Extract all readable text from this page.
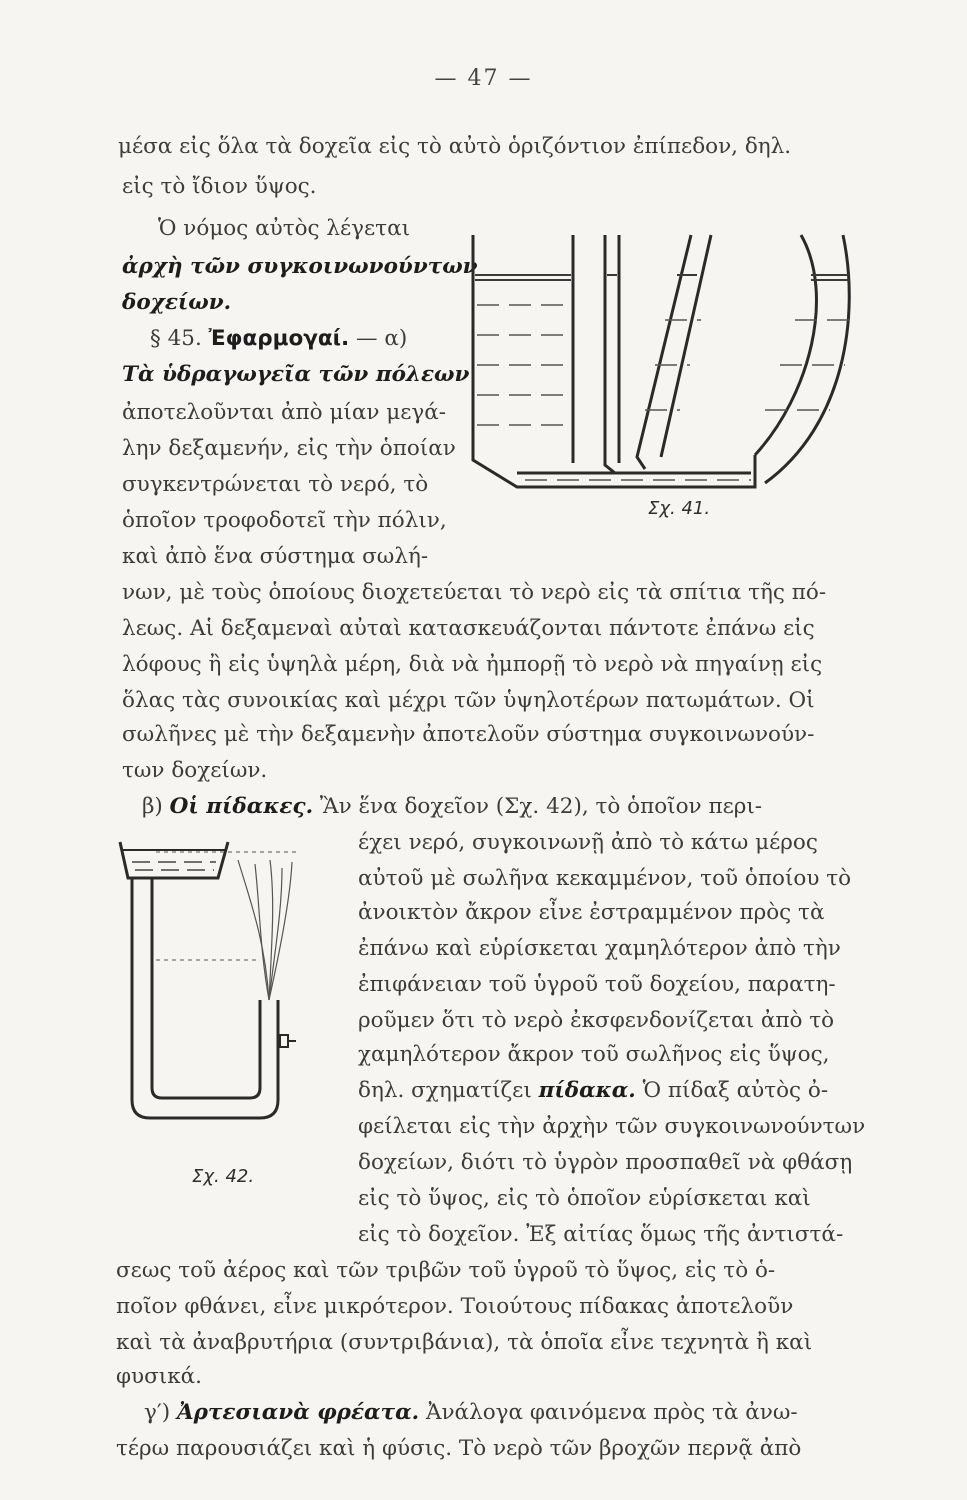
— 47 —
μέσα εἰς ὅλα τὰ δοχεῖα εἰς τὸ αὐτὸ ὁριζόντιον ἐπίπεδον, δηλ.
εἰς τὸ ἴδιον ὕψος.
Ὁ νόμος αὐτὸς λέγεται
ἀρχὴ τῶν συγκοινωνούντων
δοχείων.
§ 45. Ἐφαρμογαί. — α)
Τὰ ὑδραγωγεῖα τῶν πόλεων
ἀποτελοῦνται ἀπὸ μίαν μεγά-
λην δεξαμενήν, εἰς τὴν ὁποίαν
συγκεντρώνεται τὸ νερό, τὸ
ὁποῖον τροφοδοτεῖ τὴν πόλιν,
καὶ ἀπὸ ἕνα σύστημα σωλή-
νων, μὲ τοὺς ὁποίους διοχετεύεται τὸ νερὸ εἰς τὰ σπίτια τῆς πό-
λεως. Αἱ δεξαμεναὶ αὐταὶ κατασκευάζονται πάντοτε ἐπάνω εἰς
λόφους ἢ εἰς ὑψηλὰ μέρη, διὰ νὰ ἠμπορῇ τὸ νερὸ νὰ πηγαίνῃ εἰς
ὅλας τὰς συνοικίας καὶ μέχρι τῶν ὑψηλοτέρων πατωμάτων. Οἱ
σωλῆνες μὲ τὴν δεξαμενὴν ἀποτελοῦν σύστημα συγκοινωνούν-
των δοχείων.
β) Οἱ πίδακες. Ἂν ἕνα δοχεῖον (Σχ. 42), τὸ ὁποῖον περι-
έχει νερό, συγκοινωνῇ ἀπὸ τὸ κάτω μέρος
αὐτοῦ μὲ σωλῆνα κεκαμμένον, τοῦ ὁποίου τὸ
ἀνοικτὸν ἄκρον εἶνε ἐστραμμένον πρὸς τὰ
ἐπάνω καὶ εὑρίσκεται χαμηλότερον ἀπὸ τὴν
ἐπιφάνειαν τοῦ ὑγροῦ τοῦ δοχείου, παρατη-
ροῦμεν ὅτι τὸ νερὸ ἐκσφενδονίζεται ἀπὸ τὸ
χαμηλότερον ἄκρον τοῦ σωλῆνος εἰς ὕψος,
δηλ. σχηματίζει πίδακα. Ὁ πίδαξ αὐτὸς ὀ-
φείλεται εἰς τὴν ἀρχὴν τῶν συγκοινωνούντων
δοχείων, διότι τὸ ὑγρὸν προσπαθεῖ νὰ φθάσῃ
εἰς τὸ ὕψος, εἰς τὸ ὁποῖον εὑρίσκεται καὶ
εἰς τὸ δοχεῖον. Ἐξ αἰτίας ὅμως τῆς ἀντιστά-
σεως τοῦ ἀέρος καὶ τῶν τριβῶν τοῦ ὑγροῦ τὸ ὕψος, εἰς τὸ ὁ-
ποῖον φθάνει, εἶνε μικρότερον. Τοιούτους πίδακας ἀποτελοῦν
καὶ τὰ ἀναβρυτήρια (συντριβάνια), τὰ ὁποῖα εἶνε τεχνητὰ ἢ καὶ
φυσικά.
γ′) Ἀρτεσιανὰ φρέατα. Ἀνάλογα φαινόμενα πρὸς τὰ ἀνω-
τέρω παρουσιάζει καὶ ἡ φύσις. Τὸ νερὸ τῶν βροχῶν περνᾷ ἀπὸ
Σχ. 41.
Σχ. 42.
